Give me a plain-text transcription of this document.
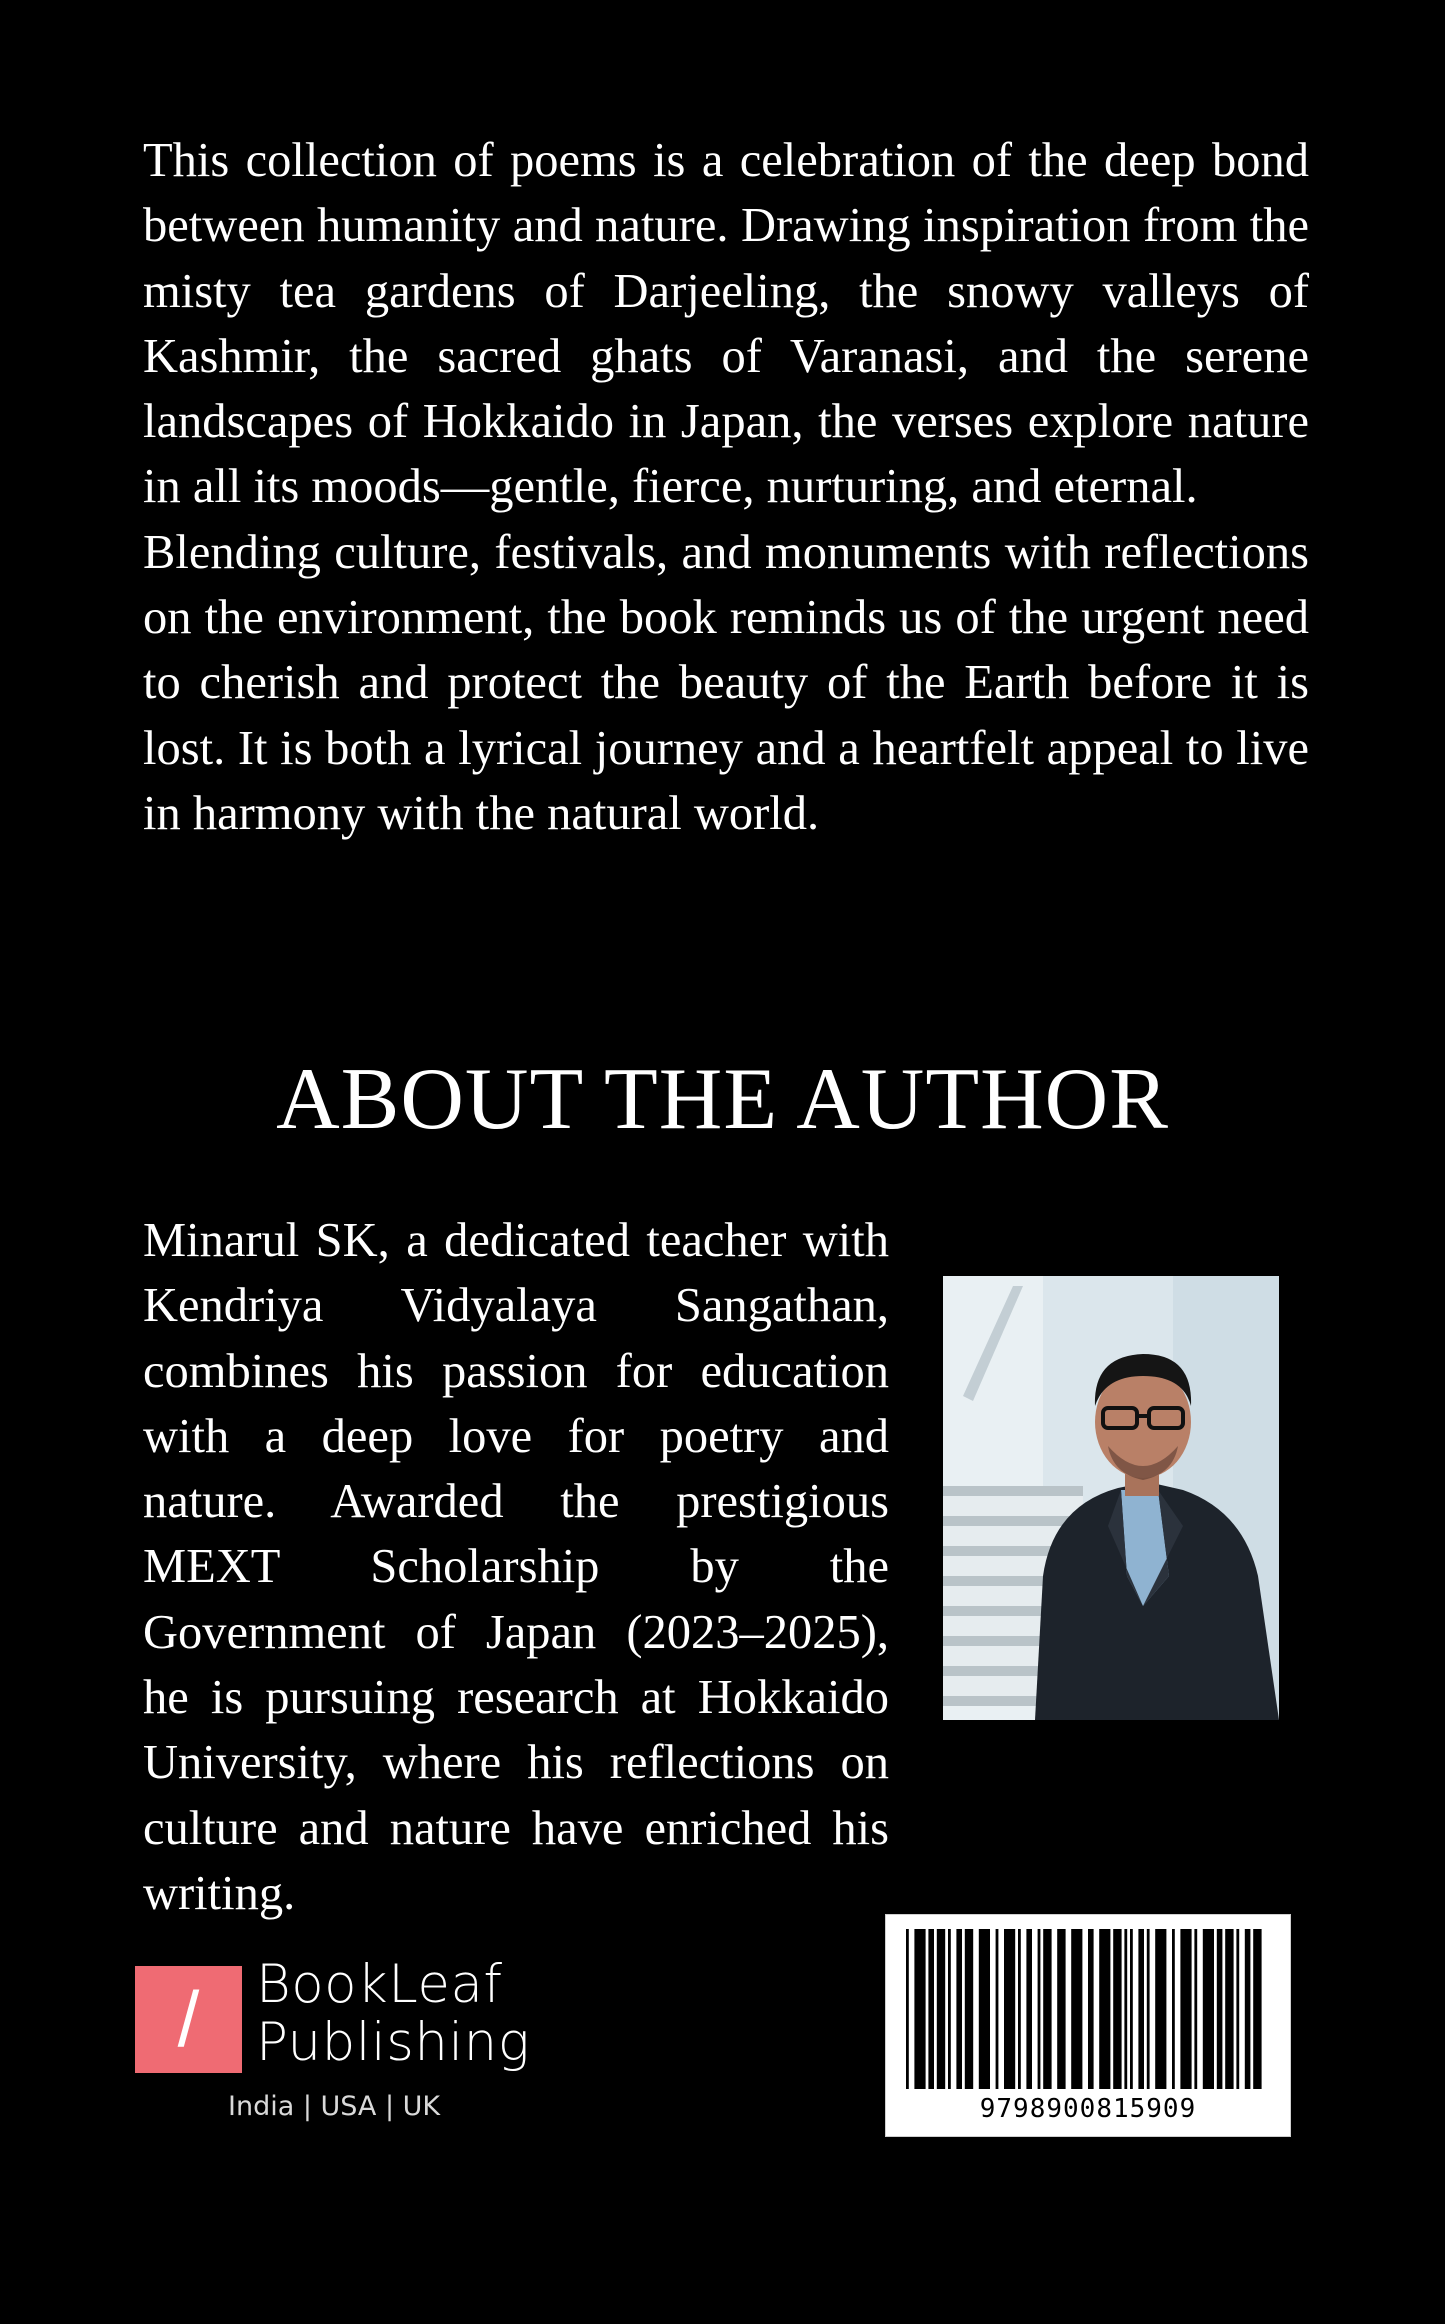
This collection of poems is a celebration of the deep bond between humanity and nature. Drawing inspiration from the misty tea gardens of Darjeeling, the snowy valleys of Kashmir, the sacred ghats of Varanasi, and the serene landscapes of Hokkaido in Japan, the verses explore nature in all its moods—gentle, fierce, nurturing, and eternal.

Blending culture, festivals, and monuments with reflections on the environment, the book reminds us of the urgent need to cherish and protect the beauty of the Earth before it is lost. It is both a lyrical journey and a heartfelt appeal to live in harmony with the natural world.

ABOUT THE AUTHOR

Minarul SK, a dedicated teacher with Kendriya Vidyalaya Sangathan, combines his passion for education with a deep love for poetry and nature. Awarded the prestigious MEXT Scholarship by the Government of Japan (2023–2025), he is pursuing research at Hokkaido University, where his reflections on culture and nature have enriched his writing.

/	BookLeaf
Publishing
India | USA | UK	9798900815909
